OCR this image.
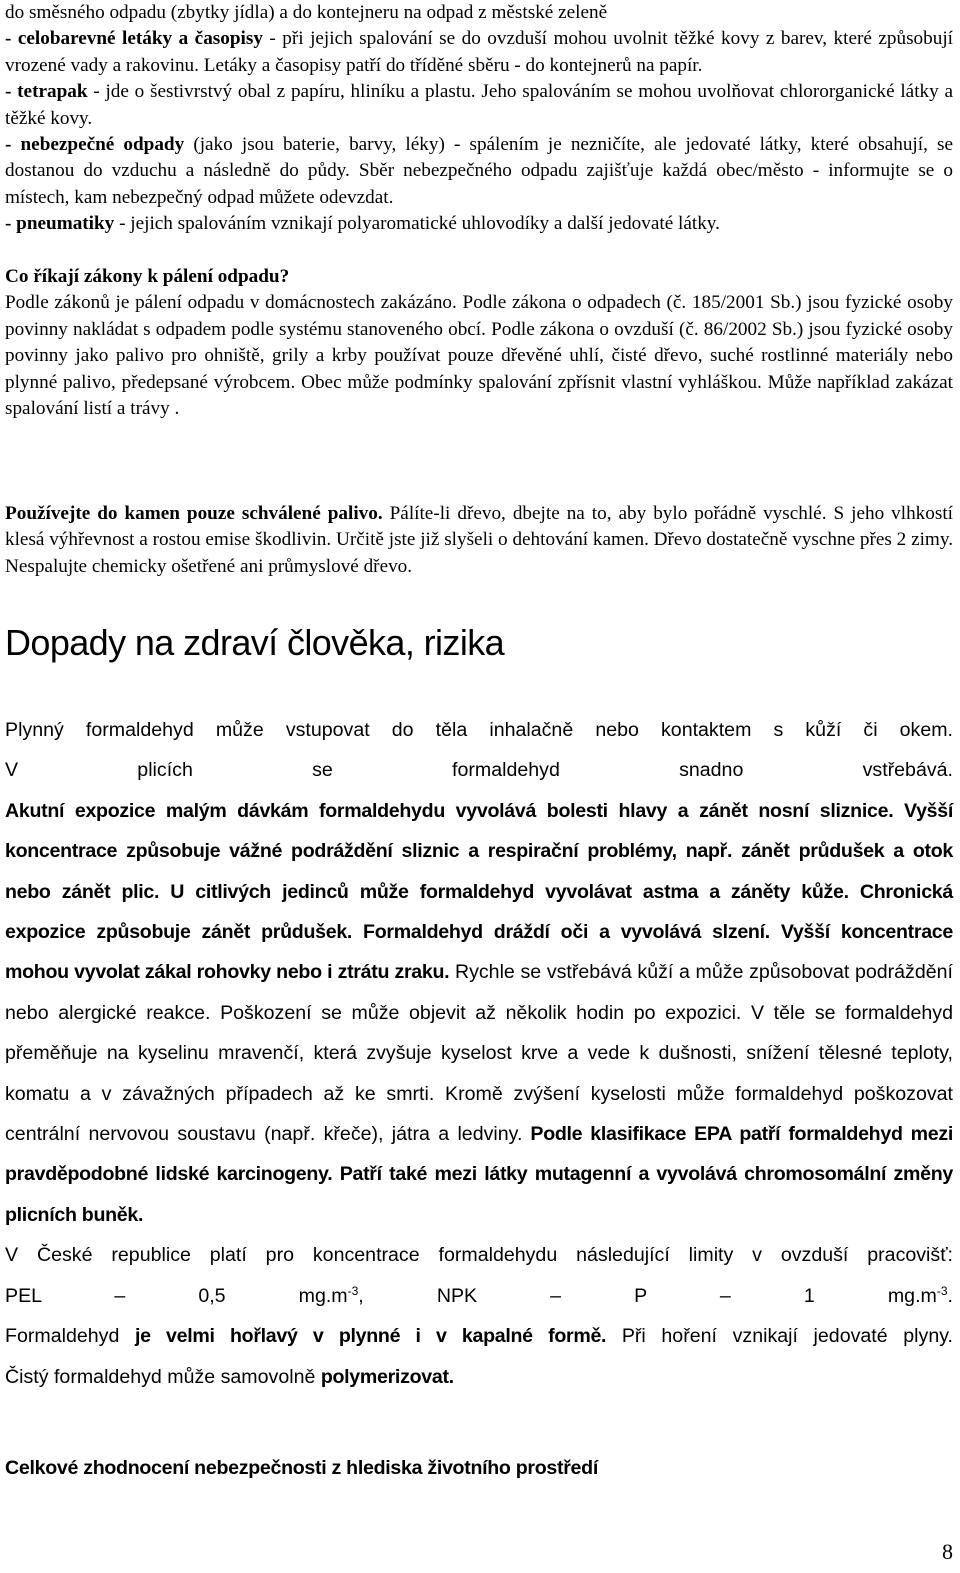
do směsného odpadu (zbytky jídla) a do kontejneru na odpad z městské zeleně
- celobarevné letáky a časopisy - při jejich spalování se do ovzduší mohou uvolnit těžké kovy z barev, které způsobují vrozené vady a rakovinu. Letáky a časopisy patří do tříděné sběru - do kontejnerů na papír.
- tetrapak - jde o šestivrstvý obal z papíru, hliníku a plastu. Jeho spalováním se mohou uvolňovat chlororganické látky a těžké kovy.
- nebezpečné odpady (jako jsou baterie, barvy, léky) - spálením je nezničíte, ale jedovaté látky, které obsahují, se dostanou do vzduchu a následně do půdy. Sběr nebezpečného odpadu zajišťuje každá obec/město - informujte se o místech, kam nebezpečný odpad můžete odevzdat.
- pneumatiky - jejich spalováním vznikají polyaromatické uhlovodíky a další jedovaté látky.
Co říkají zákony k pálení odpadu?
Podle zákonů je pálení odpadu v domácnostech zakázáno. Podle zákona o odpadech (č. 185/2001 Sb.) jsou fyzické osoby povinny nakládat s odpadem podle systému stanoveného obcí. Podle zákona o ovzduší (č. 86/2002 Sb.) jsou fyzické osoby povinny jako palivo pro ohniště, grily a krby používat pouze dřevěné uhlí, čisté dřevo, suché rostlinné materiály nebo plynné palivo, předepsané výrobcem. Obec může podmínky spalování zpřísnit vlastní vyhláškou. Může například zakázat spalování listí a trávy .
Používejte do kamen pouze schválené palivo. Pálíte-li dřevo, dbejte na to, aby bylo pořádně vyschlé. S jeho vlhkostí klesá výhřevnost a rostou emise škodlivin. Určitě jste již slyšeli o dehtování kamen. Dřevo dostatečně vyschne přes 2 zimy. Nespalujte chemicky ošetřené ani průmyslové dřevo.
Dopady na zdraví člověka, rizika
Plynný formaldehyd může vstupovat do těla inhalačně nebo kontaktem s kůží či okem.
V plicích se formaldehyd snadno vstřebává.
Akutní expozice malým dávkám formaldehydu vyvolává bolesti hlavy a zánět nosní sliznice. Vyšší koncentrace způsobuje vážné podráždění sliznic a respirační problémy, např. zánět průdušek a otok nebo zánět plic. U citlivých jedinců může formaldehyd vyvolávat astma a záněty kůže. Chronická expozice způsobuje zánět průdušek. Formaldehyd dráždí oči a vyvolává slzení. Vyšší koncentrace mohou vyvolat zákal rohovky nebo i ztrátu zraku. Rychle se vstřebává kůží a může způsobovat podráždění nebo alergické reakce. Poškození se může objevit až několik hodin po expozici. V těle se formaldehyd přeměňuje na kyselinu mravenčí, která zvyšuje kyselost krve a vede k dušnosti, snížení tělesné teploty, komatu a v závažných případech až ke smrti. Kromě zvýšení kyselosti může formaldehyd poškozovat centrální nervovou soustavu (např. křeče), játra a ledviny. Podle klasifikace EPA patří formaldehyd mezi pravděpodobné lidské karcinogeny. Patří také mezi látky mutagenní a vyvolává chromosomální změny plicních buněk.
V České republice platí pro koncentrace formaldehydu následující limity v ovzduší pracovišť:
PEL	–	0,5 $mg.m^{-3}$,	NPK	–	P	–	1 $mg.m^{-3}$.
Formaldehyd je velmi hořlavý v plynné i v kapalné formě. Při hoření vznikají jedovaté plyny.
Čistý formaldehyd může samovolně polymerizovat.
Celkové zhodnocení nebezpečnosti z hlediska životního prostředí
8
